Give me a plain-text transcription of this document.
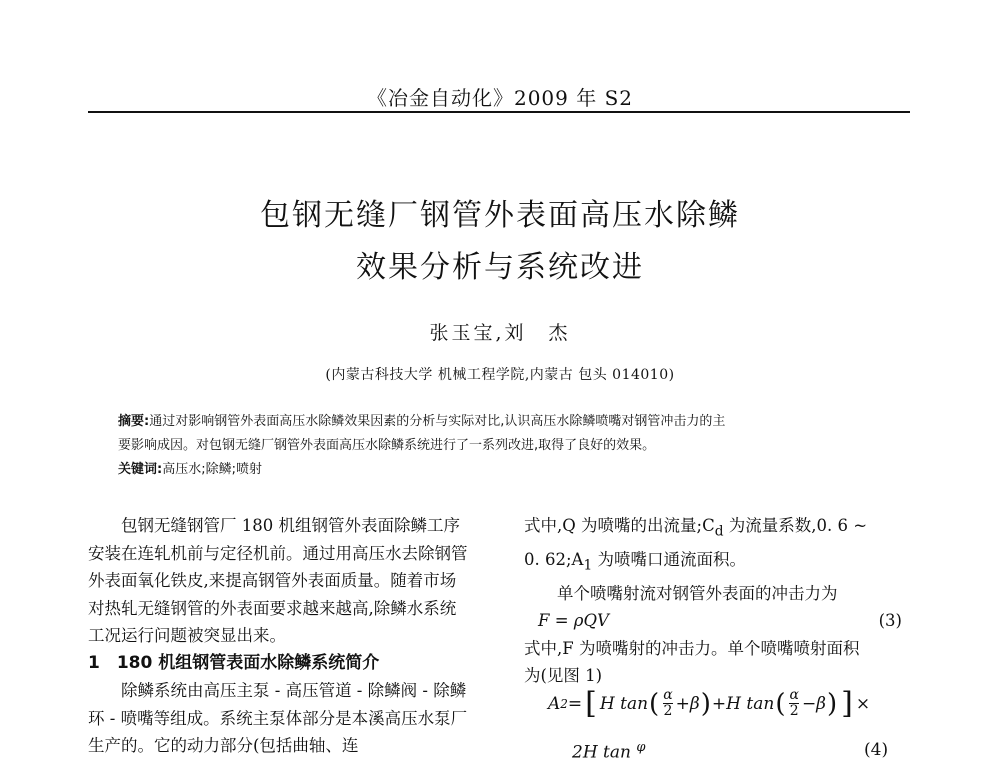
《冶金自动化》2009 年 S2
包钢无缝厂钢管外表面高压水除鳞
效果分析与系统改进
张玉宝,刘　杰
(内蒙古科技大学 机械工程学院,内蒙古 包头 014010)
摘要:通过对影响钢管外表面高压水除鳞效果因素的分析与实际对比,认识高压水除鳞喷嘴对钢管冲击力的主
要影响成因。对包钢无缝厂钢管外表面高压水除鳞系统进行了一系列改进,取得了良好的效果。
关键词:高压水;除鳞;喷射

包钢无缝钢管厂 180 机组钢管外表面除鳞工序安装在连轧机前与定径机前。通过用高压水去除钢管外表面氧化铁皮,来提高钢管外表面质量。随着市场对热轧无缝钢管的外表面要求越来越高,除鳞水系统工况运行问题被突显出来。

1　180 机组钢管表面水除鳞系统简介

除鳞系统由高压主泵 - 高压管道 - 除鳞阀 - 除鳞环 - 喷嘴等组成。系统主泵体部分是本溪高压水泵厂生产的。它的动力部分(包括曲轴、连

式中,Q 为喷嘴的出流量$;C_d$ 为流量系数,0. 6 ~

0. $62;A_1$ 为喷嘴口通流面积。

单个喷嘴射流对钢管外表面的冲击力为

F = ρQV	(3)

式中,F 为喷嘴射的冲击力。单个喷嘴喷射面积

为(见图 1)

A 2 = [ H tan ( $\frac{\alpha}{2} +\beta$ ) + H tan ( $\frac{\alpha}{2} -\beta$ ) ] ×
2H tan $^\varphi$	(4)
